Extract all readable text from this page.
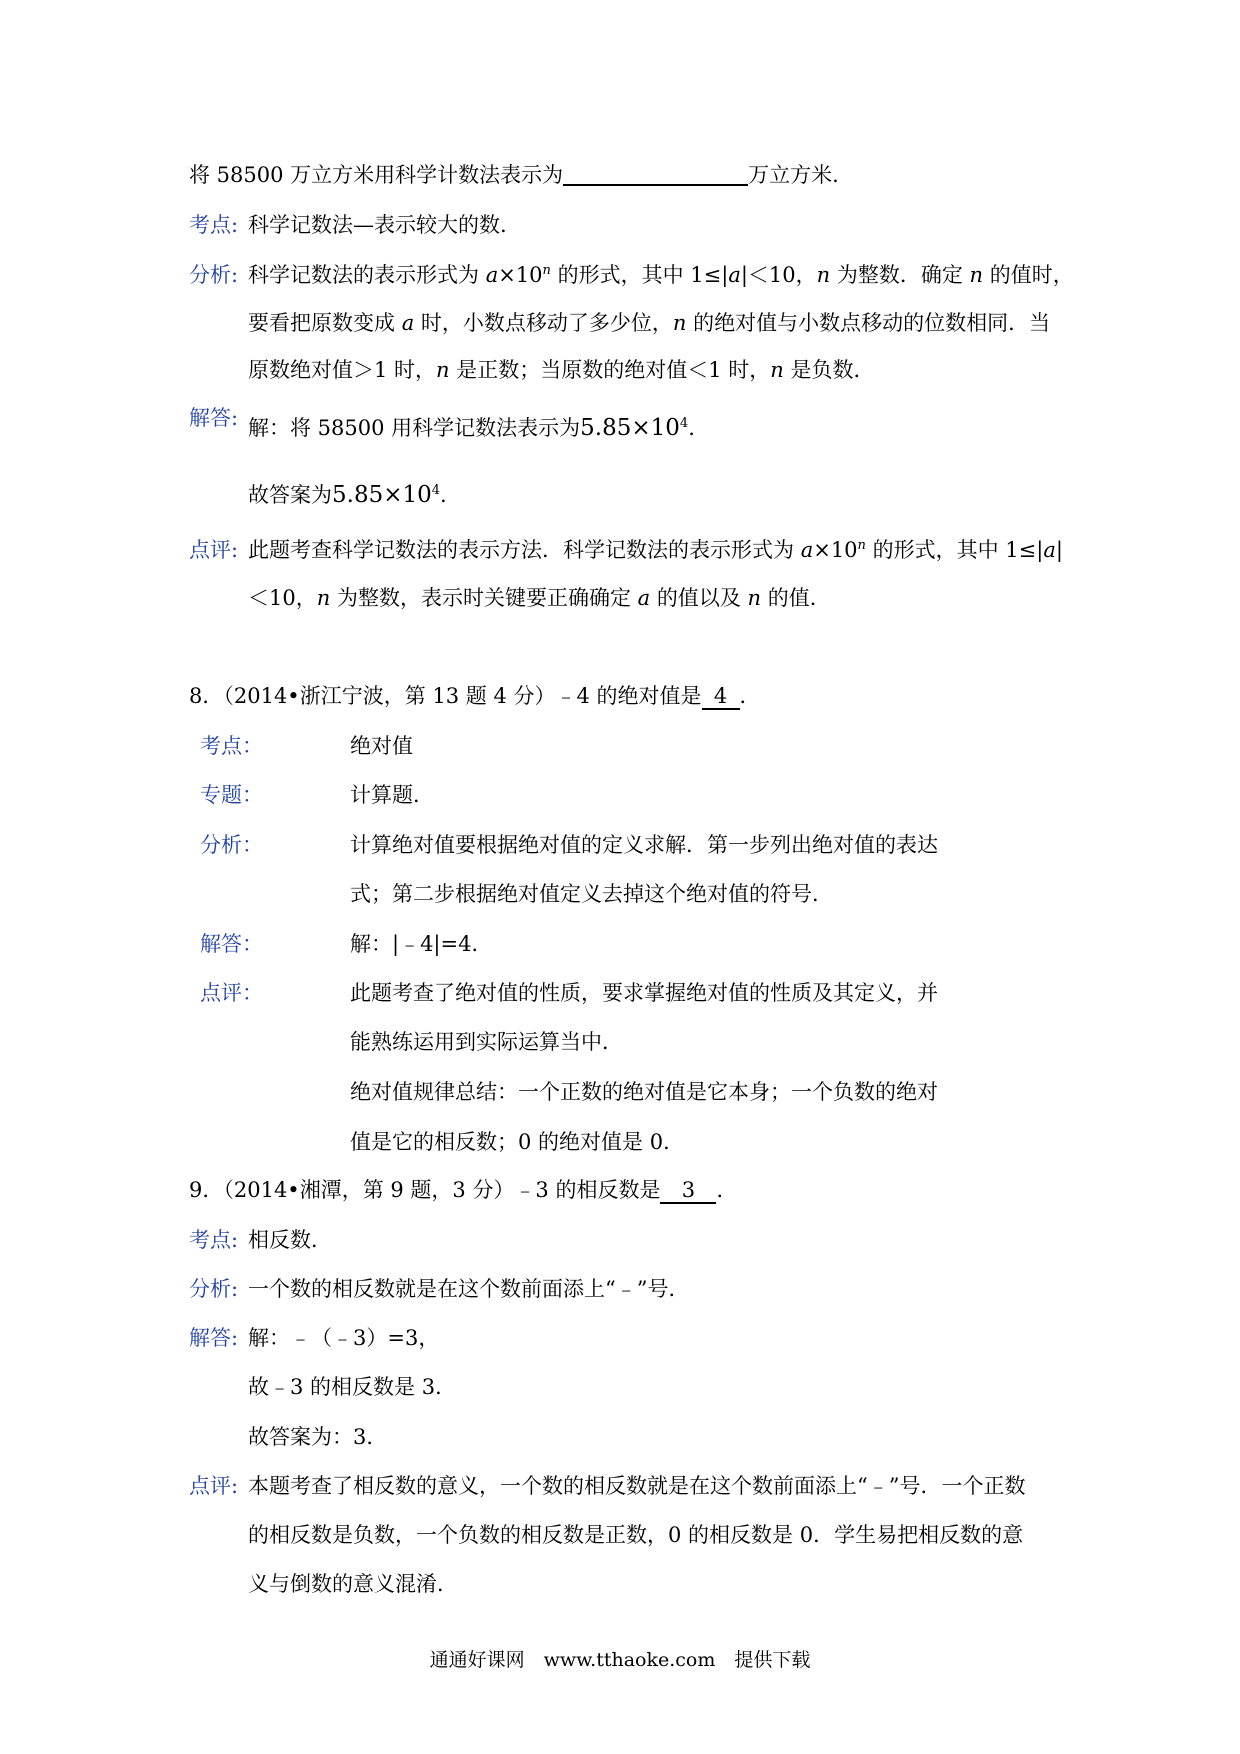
将 58500 万立方米用科学计数法表示为	万立方米.
考点: 科学记数法—表示较大的数.
分析: 科学记数法的表示形式为 $a\times 10^n$ 的形式，其中 1≤|a|＜10，n 为整数．确定 n 的值时，
要看把原数变成 a 时，小数点移动了多少位，n 的绝对值与小数点移动的位数相同．当
原数绝对值＞1 时，n 是正数；当原数的绝对值＜1 时，n 是负数．
解答: 解：将 58500 用科学记数法表示为$5.85\times 10^4$.
故答案为$5.85\times 10^4$.
点评: 此题考查科学记数法的表示方法．科学记数法的表示形式为 $a\times 10^n$ 的形式，其中 1≤|a|
＜10，n 为整数，表示时关键要正确确定 a 的值以及 n 的值．
8．（2014•浙江宁波，第 13 题 4 分）﹣4 的绝对值是 4 ．
考点：	绝对值
专题：	计算题．
分析：	计算绝对值要根据绝对值的定义求解．第一步列出绝对值的表达
式；第二步根据绝对值定义去掉这个绝对值的符号．
解答：	解：|﹣4|=4．
点评：	此题考查了绝对值的性质，要求掌握绝对值的性质及其定义，并
能熟练运用到实际运算当中．
绝对值规律总结：一个正数的绝对值是它本身；一个负数的绝对
值是它的相反数；0 的绝对值是 0．
9．（2014•湘潭，第 9 题，3 分）﹣3 的相反数是 3 ．
考点: 相反数．
分析: 一个数的相反数就是在这个数前面添上“﹣”号．
解答: 解：﹣（﹣3）=3，
故﹣3 的相反数是 3．
故答案为：3．
点评: 本题考查了相反数的意义，一个数的相反数就是在这个数前面添上“﹣”号．一个正数
的相反数是负数，一个负数的相反数是正数，0 的相反数是 0．学生易把相反数的意
义与倒数的意义混淆．
通通好课网　www.tthaoke.com　提供下载
